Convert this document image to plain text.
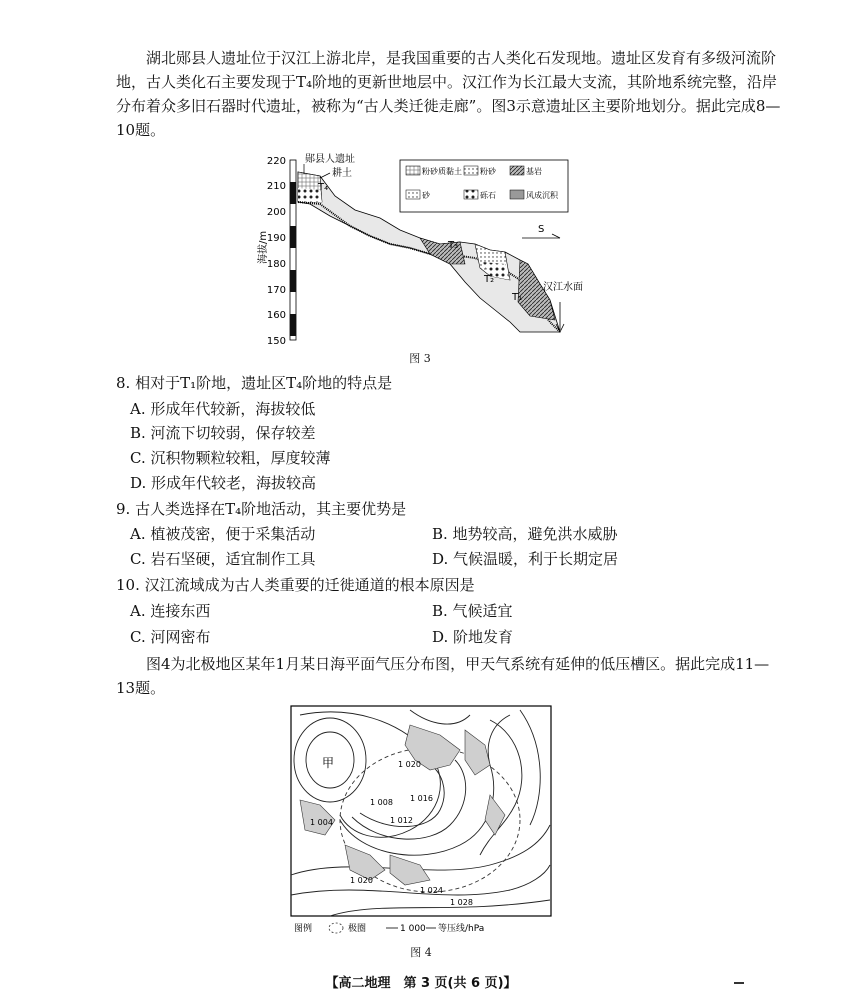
湖北郧县人遗址位于汉江上游北岸，是我国重要的古人类化石发现地。遗址区发育有多级河流阶地，古人类化石主要发现于T₄阶地的更新世地层中。汉江作为长江最大支流，其阶地系统完整，沿岸分布着众多旧石器时代遗址，被称为“古人类迁徙走廊”。图3示意遗址区主要阶地划分。据此完成8—10题。

220
210
200
190
180
170
160
150
海拔/m
郧县人遗址
耕土
T₄
T₃
T₂
T₁
汉江水面
S
粉砂质黏土 粉砂	基岩
砂	砾石	风成沉积
图 3

8. 相对于T₁阶地，遗址区T₄阶地的特点是

A. 形成年代较新，海拔较低

B. 河流下切较弱，保存较差

C. 沉积物颗粒较粗，厚度较薄

D. 形成年代较老，海拔较高

9. 古人类选择在T₄阶地活动，其主要优势是

A. 植被茂密，便于采集活动	B. 地势较高，避免洪水威胁

C. 岩石坚硬，适宜制作工具	D. 气候温暖，利于长期定居

10. 汉江流域成为古人类重要的迁徙通道的根本原因是

A. 连接东西	B. 气候适宜

C. 河网密布	D. 阶地发育

图4为北极地区某年1月某日海平面气压分布图，甲天气系统有延伸的低压槽区。据此完成11—13题。

甲	1 020
1 016
1 012
1 008
1 004
1 020
1 024
1 028
图例	极圈	1 000 等压线/hPa
图 4
【高二地理　第 3 页(共 6 页)】
